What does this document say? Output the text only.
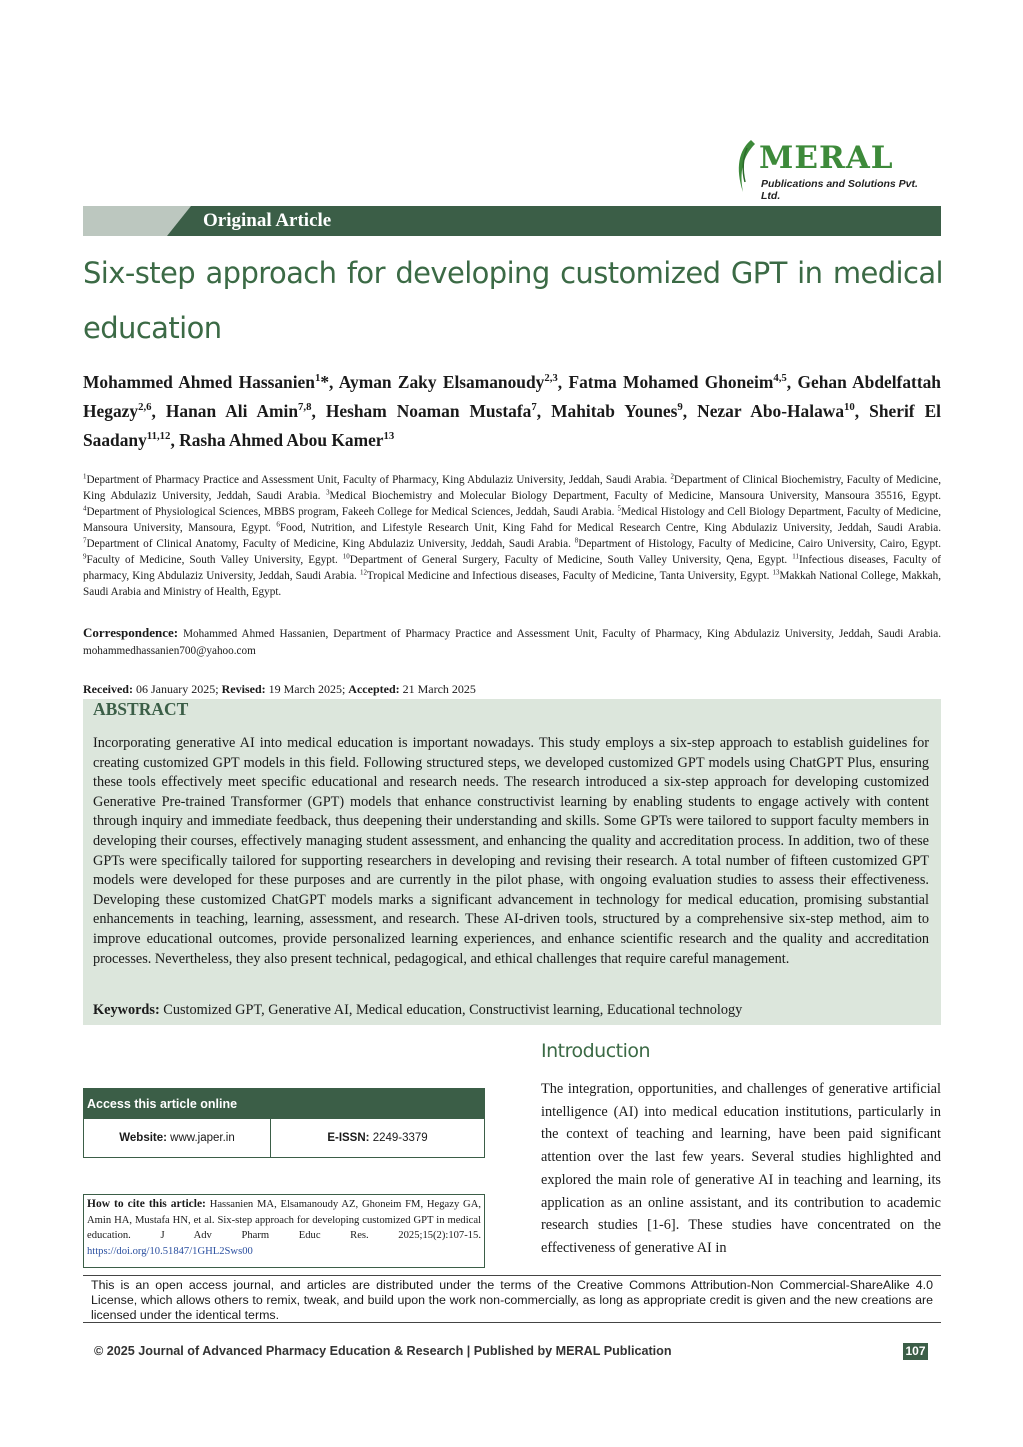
MERAL
Publications and Solutions Pvt. Ltd.
Original Article
Six-step approach for developing customized GPT in medical education
Mohammed Ahmed Hassanien$^1$*, Ayman Zaky Elsamanoudy$^{2,3}$, Fatma Mohamed Ghoneim$^{4,5}$, Gehan Abdelfattah Hegazy$^{2,6}$, Hanan Ali Amin$^{7,8}$, Hesham Noaman Mustafa$^7$, Mahitab Younes$^9$, Nezar Abo-Halawa$^{10}$, Sherif El Saadany$^{11,12}$, Rasha Ahmed Abou Kamer$^{13}$
$^1$Department of Pharmacy Practice and Assessment Unit, Faculty of Pharmacy, King Abdulaziz University, Jeddah, Saudi Arabia. $^2$Department of Clinical Biochemistry, Faculty of Medicine, King Abdulaziz University, Jeddah, Saudi Arabia. $^3$Medical Biochemistry and Molecular Biology Department, Faculty of Medicine, Mansoura University, Mansoura 35516, Egypt. $^4$Department of Physiological Sciences, MBBS program, Fakeeh College for Medical Sciences, Jeddah, Saudi Arabia. $^5$Medical Histology and Cell Biology Department, Faculty of Medicine, Mansoura University, Mansoura, Egypt. $^6$Food, Nutrition, and Lifestyle Research Unit, King Fahd for Medical Research Centre, King Abdulaziz University, Jeddah, Saudi Arabia. $^7$Department of Clinical Anatomy, Faculty of Medicine, King Abdulaziz University, Jeddah, Saudi Arabia. $^8$Department of Histology, Faculty of Medicine, Cairo University, Cairo, Egypt. $^9$Faculty of Medicine, South Valley University, Egypt. $^{10}$Department of General Surgery, Faculty of Medicine, South Valley University, Qena, Egypt. $^{11}$Infectious diseases, Faculty of pharmacy, King Abdulaziz University, Jeddah, Saudi Arabia. $^{12}$Tropical Medicine and Infectious diseases, Faculty of Medicine, Tanta University, Egypt. $^{13}$Makkah National College, Makkah, Saudi Arabia and Ministry of Health, Egypt.
Correspondence: Mohammed Ahmed Hassanien, Department of Pharmacy Practice and Assessment Unit, Faculty of Pharmacy, King Abdulaziz University, Jeddah, Saudi Arabia. mohammedhassanien700@yahoo.com
Received: 06 January 2025; Revised: 19 March 2025; Accepted: 21 March 2025
ABSTRACT
Incorporating generative AI into medical education is important nowadays. This study employs a six-step approach to establish guidelines for creating customized GPT models in this field. Following structured steps, we developed customized GPT models using ChatGPT Plus, ensuring these tools effectively meet specific educational and research needs. The research introduced a six-step approach for developing customized Generative Pre-trained Transformer (GPT) models that enhance constructivist learning by enabling students to engage actively with content through inquiry and immediate feedback, thus deepening their understanding and skills. Some GPTs were tailored to support faculty members in developing their courses, effectively managing student assessment, and enhancing the quality and accreditation process. In addition, two of these GPTs were specifically tailored for supporting researchers in developing and revising their research. A total number of fifteen customized GPT models were developed for these purposes and are currently in the pilot phase, with ongoing evaluation studies to assess their effectiveness. Developing these customized ChatGPT models marks a significant advancement in technology for medical education, promising substantial enhancements in teaching, learning, assessment, and research. These AI-driven tools, structured by a comprehensive six-step method, aim to improve educational outcomes, provide personalized learning experiences, and enhance scientific research and the quality and accreditation processes. Nevertheless, they also present technical, pedagogical, and ethical challenges that require careful management.
Keywords: Customized GPT, Generative AI, Medical education, Constructivist learning, Educational technology
Introduction
The integration, opportunities, and challenges of generative artificial intelligence (AI) into medical education institutions, particularly in the context of teaching and learning, have been paid significant attention over the last few years. Several studies highlighted and explored the main role of generative AI in teaching and learning, its application as an online assistant, and its contribution to academic research studies [1-6]. These studies have concentrated on the effectiveness of generative AI in
Access this article online
Website: www.japer.in	E-ISSN: 2249-3379
How to cite this article: Hassanien MA, Elsamanoudy AZ, Ghoneim FM, Hegazy GA, Amin HA, Mustafa HN, et al. Six-step approach for developing customized GPT in medical education. J Adv Pharm Educ Res. 2025;15(2):107-15. https://doi.org/10.51847/1GHL2Sws00
This is an open access journal, and articles are distributed under the terms of the Creative Commons Attribution-Non Commercial-ShareAlike 4.0 License, which allows others to remix, tweak, and build upon the work non-commercially, as long as appropriate credit is given and the new creations are licensed under the identical terms.
© 2025 Journal of Advanced Pharmacy Education & Research | Published by MERAL Publication	107
